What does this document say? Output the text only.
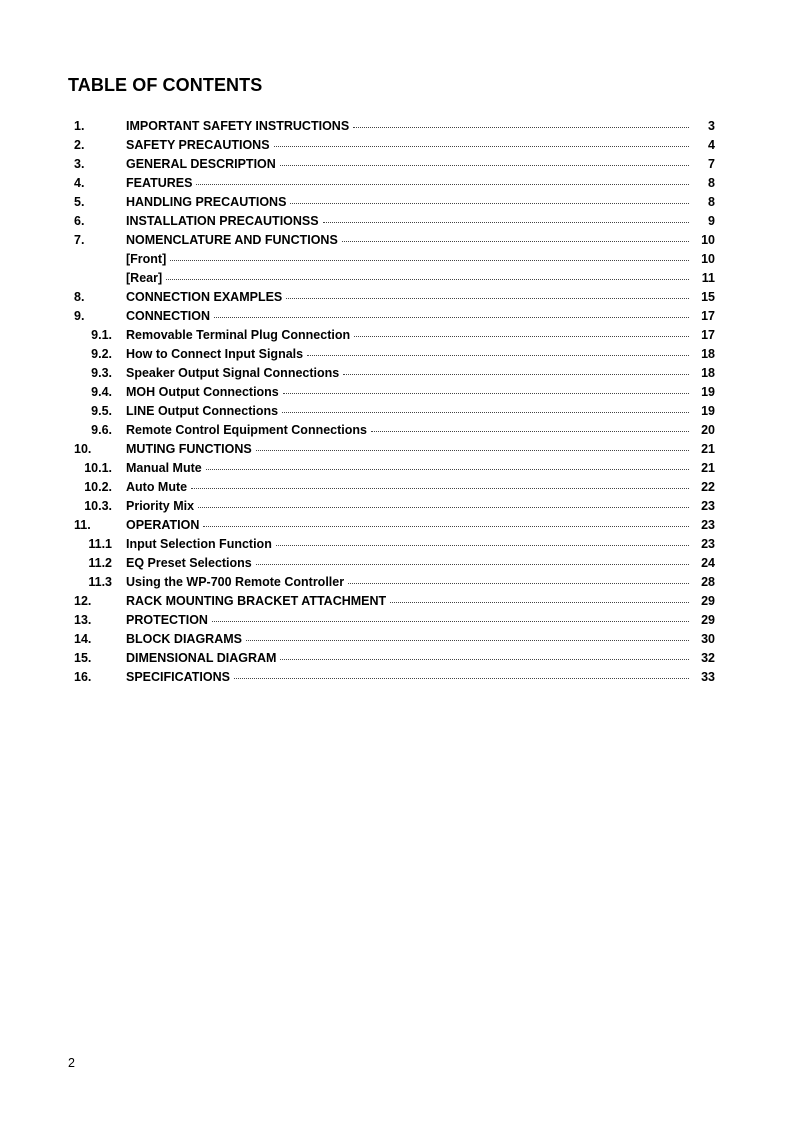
TABLE OF CONTENTS
1.	IMPORTANT SAFETY INSTRUCTIONS	3
2.	SAFETY PRECAUTIONS	4
3.	GENERAL DESCRIPTION	7
4.	FEATURES	8
5.	HANDLING PRECAUTIONS	8
6.	INSTALLATION PRECAUTIONSS	9
7.	NOMENCLATURE AND FUNCTIONS	10
[Front]	10
[Rear]	11
8.	CONNECTION EXAMPLES	15
9.	CONNECTION	17
9.1.	Removable Terminal Plug Connection	17
9.2.	How to Connect Input Signals	18
9.3.	Speaker Output Signal Connections	18
9.4.	MOH Output Connections	19
9.5.	LINE Output Connections	19
9.6.	Remote Control Equipment Connections	20
10.	MUTING FUNCTIONS	21
10.1.	Manual Mute	21
10.2.	Auto Mute	22
10.3.	Priority Mix	23
11.	OPERATION	23
11.1	Input Selection Function	23
11.2	EQ Preset Selections	24
11.3	Using the WP-700 Remote Controller	28
12.	RACK MOUNTING BRACKET ATTACHMENT	29
13.	PROTECTION	29
14.	BLOCK DIAGRAMS	30
15.	DIMENSIONAL DIAGRAM	32
16.	SPECIFICATIONS	33
2
